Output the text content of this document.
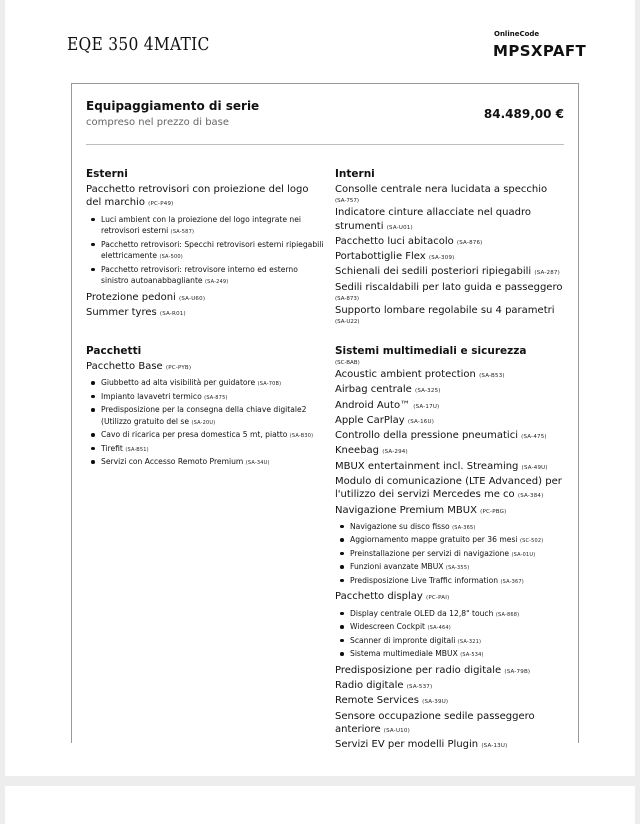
EQE 350 4MATIC	OnlineCode
MPSXPAFT
Equipaggiamento di serie
compreso nel prezzo di base
84.489,00 €
Esterni
Pacchetto retrovisori con proiezione del logo del marchio (PC-P49)
Luci ambient con la proiezione del logo integrate nei retrovisori esterni (SA-587)
Pacchetto retrovisori: Specchi retrovisori esterni ripiegabili elettricamente (SA-500)
Pacchetto retrovisori: retrovisore interno ed esterno sinistro autoanabbagliante (SA-249)
Protezione pedoni (SA-U60)
Summer tyres (SA-R01)
Interni
Consolle centrale nera lucidata a specchio
(SA-757)
Indicatore cinture allacciate nel quadro strumenti (SA-U01)
Pacchetto luci abitacolo (SA-876)
Portabottiglie Flex (SA-309)
Schienali dei sedili posteriori ripiegabili (SA-287)
Sedili riscaldabili per lato guida e passeggero
(SA-873)
Supporto lombare regolabile su 4 parametri
(SA-U22)
Pacchetti
Pacchetto Base (PC-PYB)
Giubbetto ad alta visibilità per guidatore (SA-70B)
Impianto lavavetri termico (SA-875)
Predisposizione per la consegna della chiave digitale2 (Utilizzo gratuito del se (SA-20U)
Cavo di ricarica per presa domestica 5 mt, piatto (SA-B30)
Tirefit (SA-B51)
Servizi con Accesso Remoto Premium (SA-34U)
Sistemi multimediali e sicurezza
(SC-BAB)
Acoustic ambient protection (SA-B53)
Airbag centrale (SA-325)
Android Auto™ (SA-17U)
Apple CarPlay (SA-16U)
Controllo della pressione pneumatici (SA-475)
Kneebag (SA-294)
MBUX entertainment incl. Streaming (SA-49U)
Modulo di comunicazione (LTE Advanced) per l'utilizzo dei servizi Mercedes me co (SA-384)
Navigazione Premium MBUX (PC-PBG)
Navigazione su disco fisso (SA-365)
Aggiornamento mappe gratuito per 36 mesi (SC-502)
Preinstallazione per servizi di navigazione (SA-01U)
Funzioni avanzate MBUX (SA-355)
Predisposizione Live Traffic information (SA-367)
Pacchetto display (PC-PAI)
Display centrale OLED da 12,8" touch (SA-868)
Widescreen Cockpit (SA-464)
Scanner di impronte digitali (SA-321)
Sistema multimediale MBUX (SA-534)
Predisposizione per radio digitale (SA-79B)
Radio digitale (SA-537)
Remote Services (SA-39U)
Sensore occupazione sedile passeggero anteriore (SA-U10)
Servizi EV per modelli Plugin (SA-13U)
